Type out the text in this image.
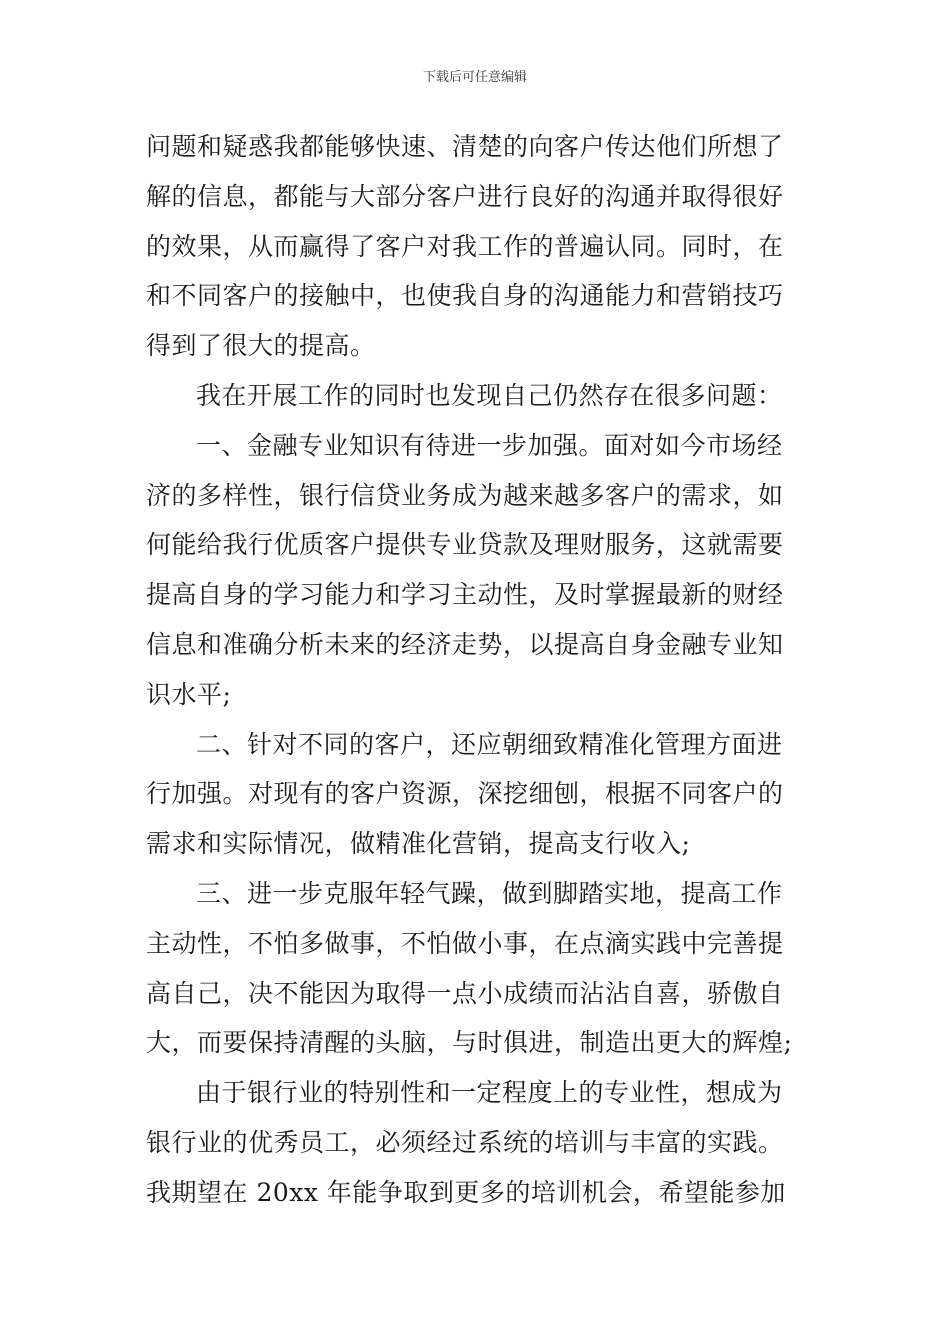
下载后可任意编辑
问题和疑惑我都能够快速、清楚的向客户传达他们所想了
解的信息，都能与大部分客户进行良好的沟通并取得很好
的效果，从而赢得了客户对我工作的普遍认同。同时，在
和不同客户的接触中，也使我自身的沟通能力和营销技巧
得到了很大的提高。
我在开展工作的同时也发现自己仍然存在很多问题：
一、金融专业知识有待进一步加强。面对如今市场经
济的多样性，银行信贷业务成为越来越多客户的需求，如
何能给我行优质客户提供专业贷款及理财服务，这就需要
提高自身的学习能力和学习主动性，及时掌握最新的财经
信息和准确分析未来的经济走势，以提高自身金融专业知
识水平;
二、针对不同的客户，还应朝细致精准化管理方面进
行加强。对现有的客户资源，深挖细刨，根据不同客户的
需求和实际情况，做精准化营销，提高支行收入;
三、进一步克服年轻气躁，做到脚踏实地，提高工作
主动性，不怕多做事，不怕做小事，在点滴实践中完善提
高自己，决不能因为取得一点小成绩而沾沾自喜，骄傲自
大，而要保持清醒的头脑，与时俱进，制造出更大的辉煌;
由于银行业的特别性和一定程度上的专业性，想成为
银行业的优秀员工，必须经过系统的培训与丰富的实践。
我期望在 20xx 年能争取到更多的培训机会，希望能参加
